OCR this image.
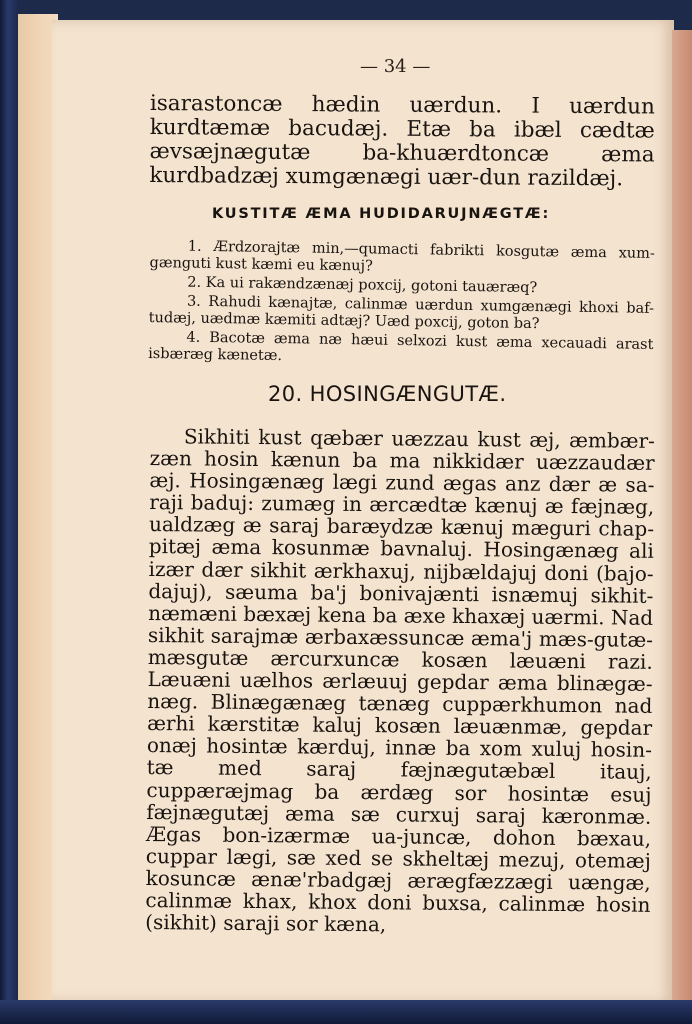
— 34 —
isarastoncæ hædin uærdun. I uærdun kurdtæmæ bacudæj. Etæ ba ibæl cædtæ ævsæjnægutæ ba-khuærdtoncæ æma kurdbadzæj xumgænægi uær-dun razildæj.
KUSTITÆ ÆMA HUDIDARUJNÆGTÆ:

1. Ærdzorajtæ min,—qumacti fabrikti kosgutæ æma xum-gænguti kust kæmi eu kænuj?

2. Ka ui rakændzænæj poxcij, gotoni tauæræq?

3. Rahudi kænajtæ, calinmæ uærdun xumgænægi khoxi baf-tudæj, uædmæ kæmiti adtæj? Uæd poxcij, goton ba?

4. Bacotæ æma næ hæui selxozi kust æma xecauadi arast isbæræg kænetæ.

20. HOSINGÆNGUTÆ.

Sikhiti kust qæbær uæzzau kust æj, æmbær-zæn hosin kænun ba ma nikkidær uæzzaudær æj. Hosingænæg lægi zund ægas anz dær æ sa-raji baduj: zumæg in ærcædtæ kænuj æ fæjnæg, ualdzæg æ saraj baræydzæ kænuj mæguri chap-pitæj æma kosunmæ bavnaluj. Hosingænæg ali izær dær sikhit ærkhaxuj, nijbældajuj doni (bajo-dajuj), sæuma ba'j bonivajænti isnæmuj sikhit-næmæni bæxæj kena ba æxe khaxæj uærmi. Nad sikhit sarajmæ ærbaxæssuncæ æma'j mæs-gutæ-mæsgutæ ærcurxuncæ kosæn læuæni razi. Læuæni uælhos ærlæuuj gepdar æma blinægæ-næg. Blinægænæg tænæg cuppærkhumon nad ærhi kærstitæ kaluj kosæn læuænmæ, gepdar onæj hosintæ kærduj, innæ ba xom xuluj hosin-tæ med saraj fæjnægutæbæl itauj, cuppæræjmag ba ærdæg sor hosintæ esuj fæjnægutæj æma sæ curxuj saraj kæronmæ. Ægas bon-izærmæ ua-juncæ, dohon bæxau, cuppar lægi, sæ xed se skheltæj mezuj, otemæj kosuncæ ænæ'rbadgæj ærægfæzzægi uængæ, calinmæ khax, khox doni buxsa, calinmæ hosin (sikhit) saraji sor kæna,
